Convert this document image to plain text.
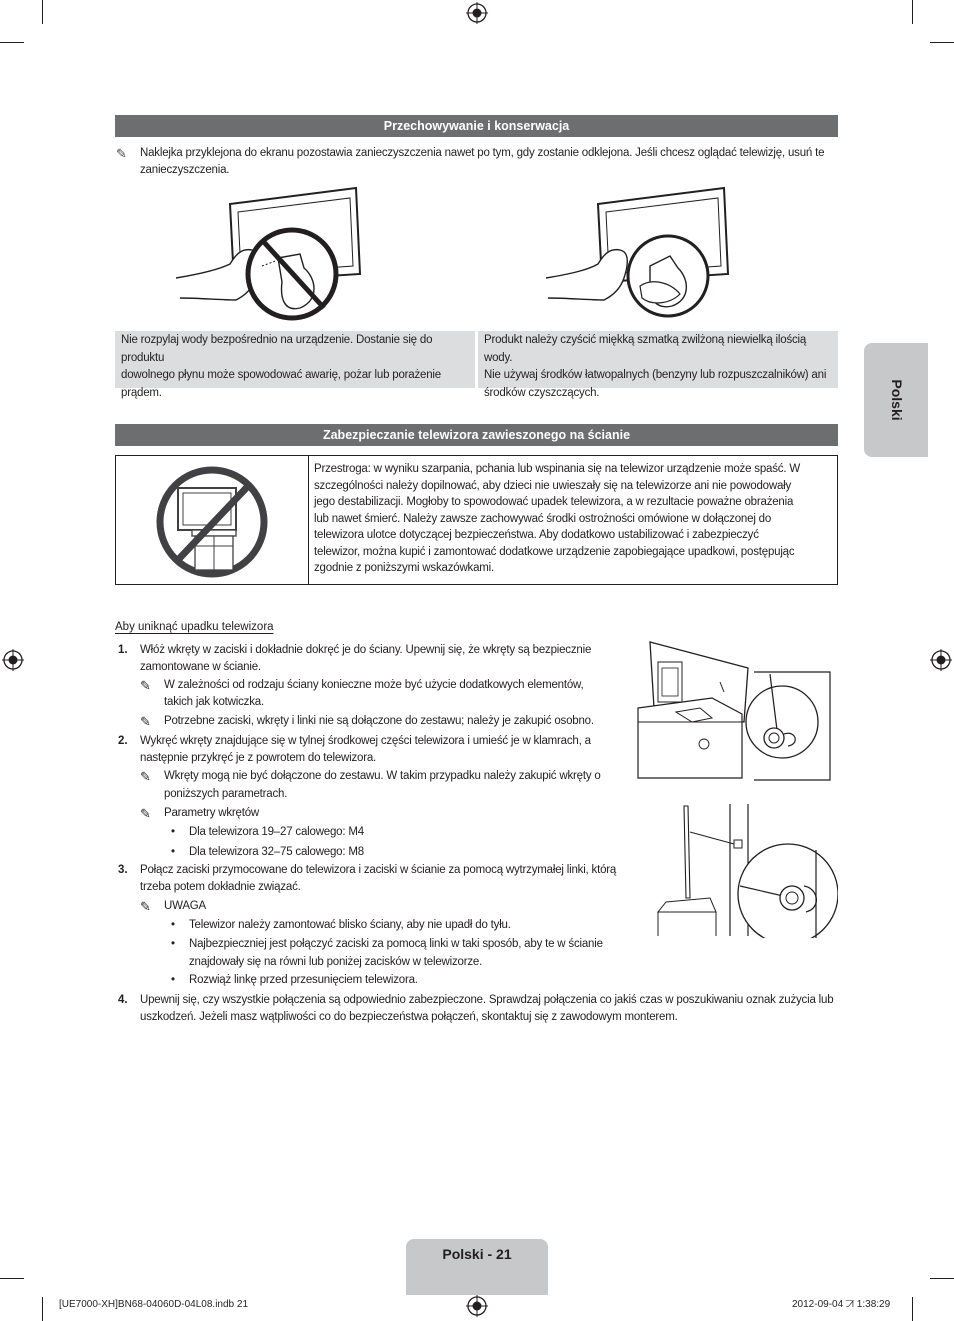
Przechowywanie i konserwacja
✎ Naklejka przyklejona do ekranu pozostawia zanieczyszczenia nawet po tym, gdy zostanie odklejona. Jeśli chcesz oglądać telewizję, usuń te
zanieczyszczenia.
Nie rozpylaj wody bezpośrednio na urządzenie. Dostanie się do produktu
dowolnego płynu może spowodować awarię, pożar lub porażenie
prądem.
Produkt należy czyścić miękką szmatką zwilżoną niewielką ilością wody.
Nie używaj środków łatwopalnych (benzyny lub rozpuszczalników) ani
środków czyszczących.
Zabezpieczanie telewizora zawieszonego na ścianie
Przestroga: w wyniku szarpania, pchania lub wspinania się na telewizor urządzenie może spaść. W
szczególności należy dopilnować, aby dzieci nie uwieszały się na telewizorze ani nie powodowały
jego destabilizacji. Mogłoby to spowodować upadek telewizora, a w rezultacie poważne obrażenia
lub nawet śmierć. Należy zawsze zachowywać środki ostrożności omówione w dołączonej do
telewizora ulotce dotyczącej bezpieczeństwa. Aby dodatkowo ustabilizować i zabezpieczyć
telewizor, można kupić i zamontować dodatkowe urządzenie zapobiegające upadkowi, postępując
zgodnie z poniższymi wskazówkami.
Aby uniknąć upadku telewizora
1. Włóż wkręty w zaciski i dokładnie dokręć je do ściany. Upewnij się, że wkręty są bezpiecznie
zamontowane w ścianie.
✎ W zależności od rodzaju ściany konieczne może być użycie dodatkowych elementów,
takich jak kotwiczka.
✎ Potrzebne zaciski, wkręty i linki nie są dołączone do zestawu; należy je zakupić osobno.
2. Wykręć wkręty znajdujące się w tylnej środkowej części telewizora i umieść je w klamrach, a
następnie przykręć je z powrotem do telewizora.
✎ Wkręty mogą nie być dołączone do zestawu. W takim przypadku należy zakupić wkręty o
poniższych parametrach.
✎ Parametry wkrętów
• Dla telewizora 19–27 calowego: M4
• Dla telewizora 32–75 calowego: M8
3. Połącz zaciski przymocowane do telewizora i zaciski w ścianie za pomocą wytrzymałej linki, którą
trzeba potem dokładnie związać.
✎ UWAGA
• Telewizor należy zamontować blisko ściany, aby nie upadł do tyłu.
• Najbezpieczniej jest połączyć zaciski za pomocą linki w taki sposób, aby te w ścianie
znajdowały się na równi lub poniżej zacisków w telewizorze.
• Rozwiąż linkę przed przesunięciem telewizora.
4. Upewnij się, czy wszystkie połączenia są odpowiednio zabezpieczone. Sprawdzaj połączenia co jakiś czas w poszukiwaniu oznak zużycia lub
uszkodzeń. Jeżeli masz wątpliwości co do bezpieczeństwa połączeń, skontaktuj się z zawodowym monterem.
Polski
Polski - 21
[UE7000-XH]BN68-04060D-04L08.indb 21	2012-09-04 ꠀ 1:38:29
